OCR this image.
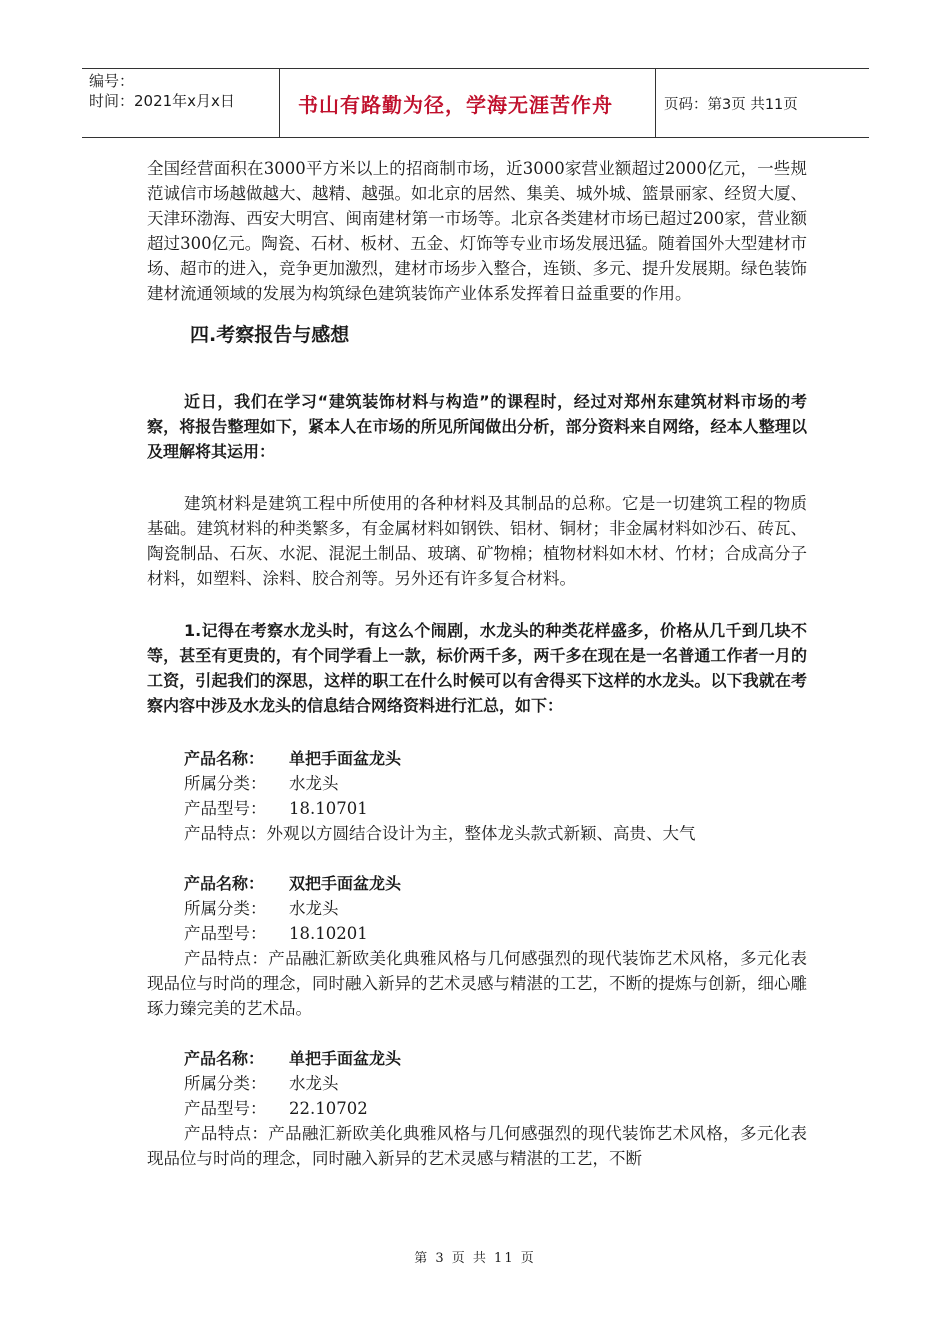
编号：
时间：2021年x月x日	书山有路勤为径，学海无涯苦作舟	页码：第3页 共11页

全国经营面积在3000平方米以上的招商制市场，近3000家营业额超过2000亿元，一些规范诚信市场越做越大、越精、越强。如北京的居然、集美、城外城、篮景丽家、经贸大厦、天津环渤海、西安大明宫、闽南建材第一市场等。北京各类建材市场已超过200家，营业额超过300亿元。陶瓷、石材、板材、五金、灯饰等专业市场发展迅猛。随着国外大型建材市场、超市的进入，竞争更加激烈，建材市场步入整合，连锁、多元、提升发展期。绿色装饰建材流通领域的发展为构筑绿色建筑装饰产业体系发挥着日益重要的作用。

四.考察报告与感想

近日，我们在学习“建筑装饰材料与构造”的课程时，经过对郑州东建筑材料市场的考察，将报告整理如下，紧本人在市场的所见所闻做出分析，部分资料来自网络，经本人整理以及理解将其运用：

建筑材料是建筑工程中所使用的各种材料及其制品的总称。它是一切建筑工程的物质基础。建筑材料的种类繁多，有金属材料如钢铁、铝材、铜材；非金属材料如沙石、砖瓦、陶瓷制品、石灰、水泥、混泥土制品、玻璃、矿物棉；植物材料如木材、竹材；合成高分子材料，如塑料、涂料、胶合剂等。另外还有许多复合材料。

1.记得在考察水龙头时，有这么个闹剧，水龙头的种类花样盛多，价格从几千到几块不等，甚至有更贵的，有个同学看上一款，标价两千多，两千多在现在是一名普通工作者一月的工资，引起我们的深思，这样的职工在什么时候可以有舍得买下这样的水龙头。以下我就在考察内容中涉及水龙头的信息结合网络资料进行汇总，如下：

产品名称： 单把手面盆龙头
所属分类： 水龙头
产品型号： 18.10701
产品特点：外观以方圆结合设计为主，整体龙头款式新颖、高贵、大气
产品名称： 双把手面盆龙头
所属分类： 水龙头
产品型号： 18.10201
产品特点：产品融汇新欧美化典雅风格与几何感强烈的现代装饰艺术风格，多元化表现品位与时尚的理念，同时融入新异的艺术灵感与精湛的工艺，不断的提炼与创新，细心雕琢力臻完美的艺术品。
产品名称： 单把手面盆龙头
所属分类： 水龙头
产品型号： 22.10702
产品特点：产品融汇新欧美化典雅风格与几何感强烈的现代装饰艺术风格，多元化表现品位与时尚的理念，同时融入新异的艺术灵感与精湛的工艺，不断
第 3 页 共 11 页
